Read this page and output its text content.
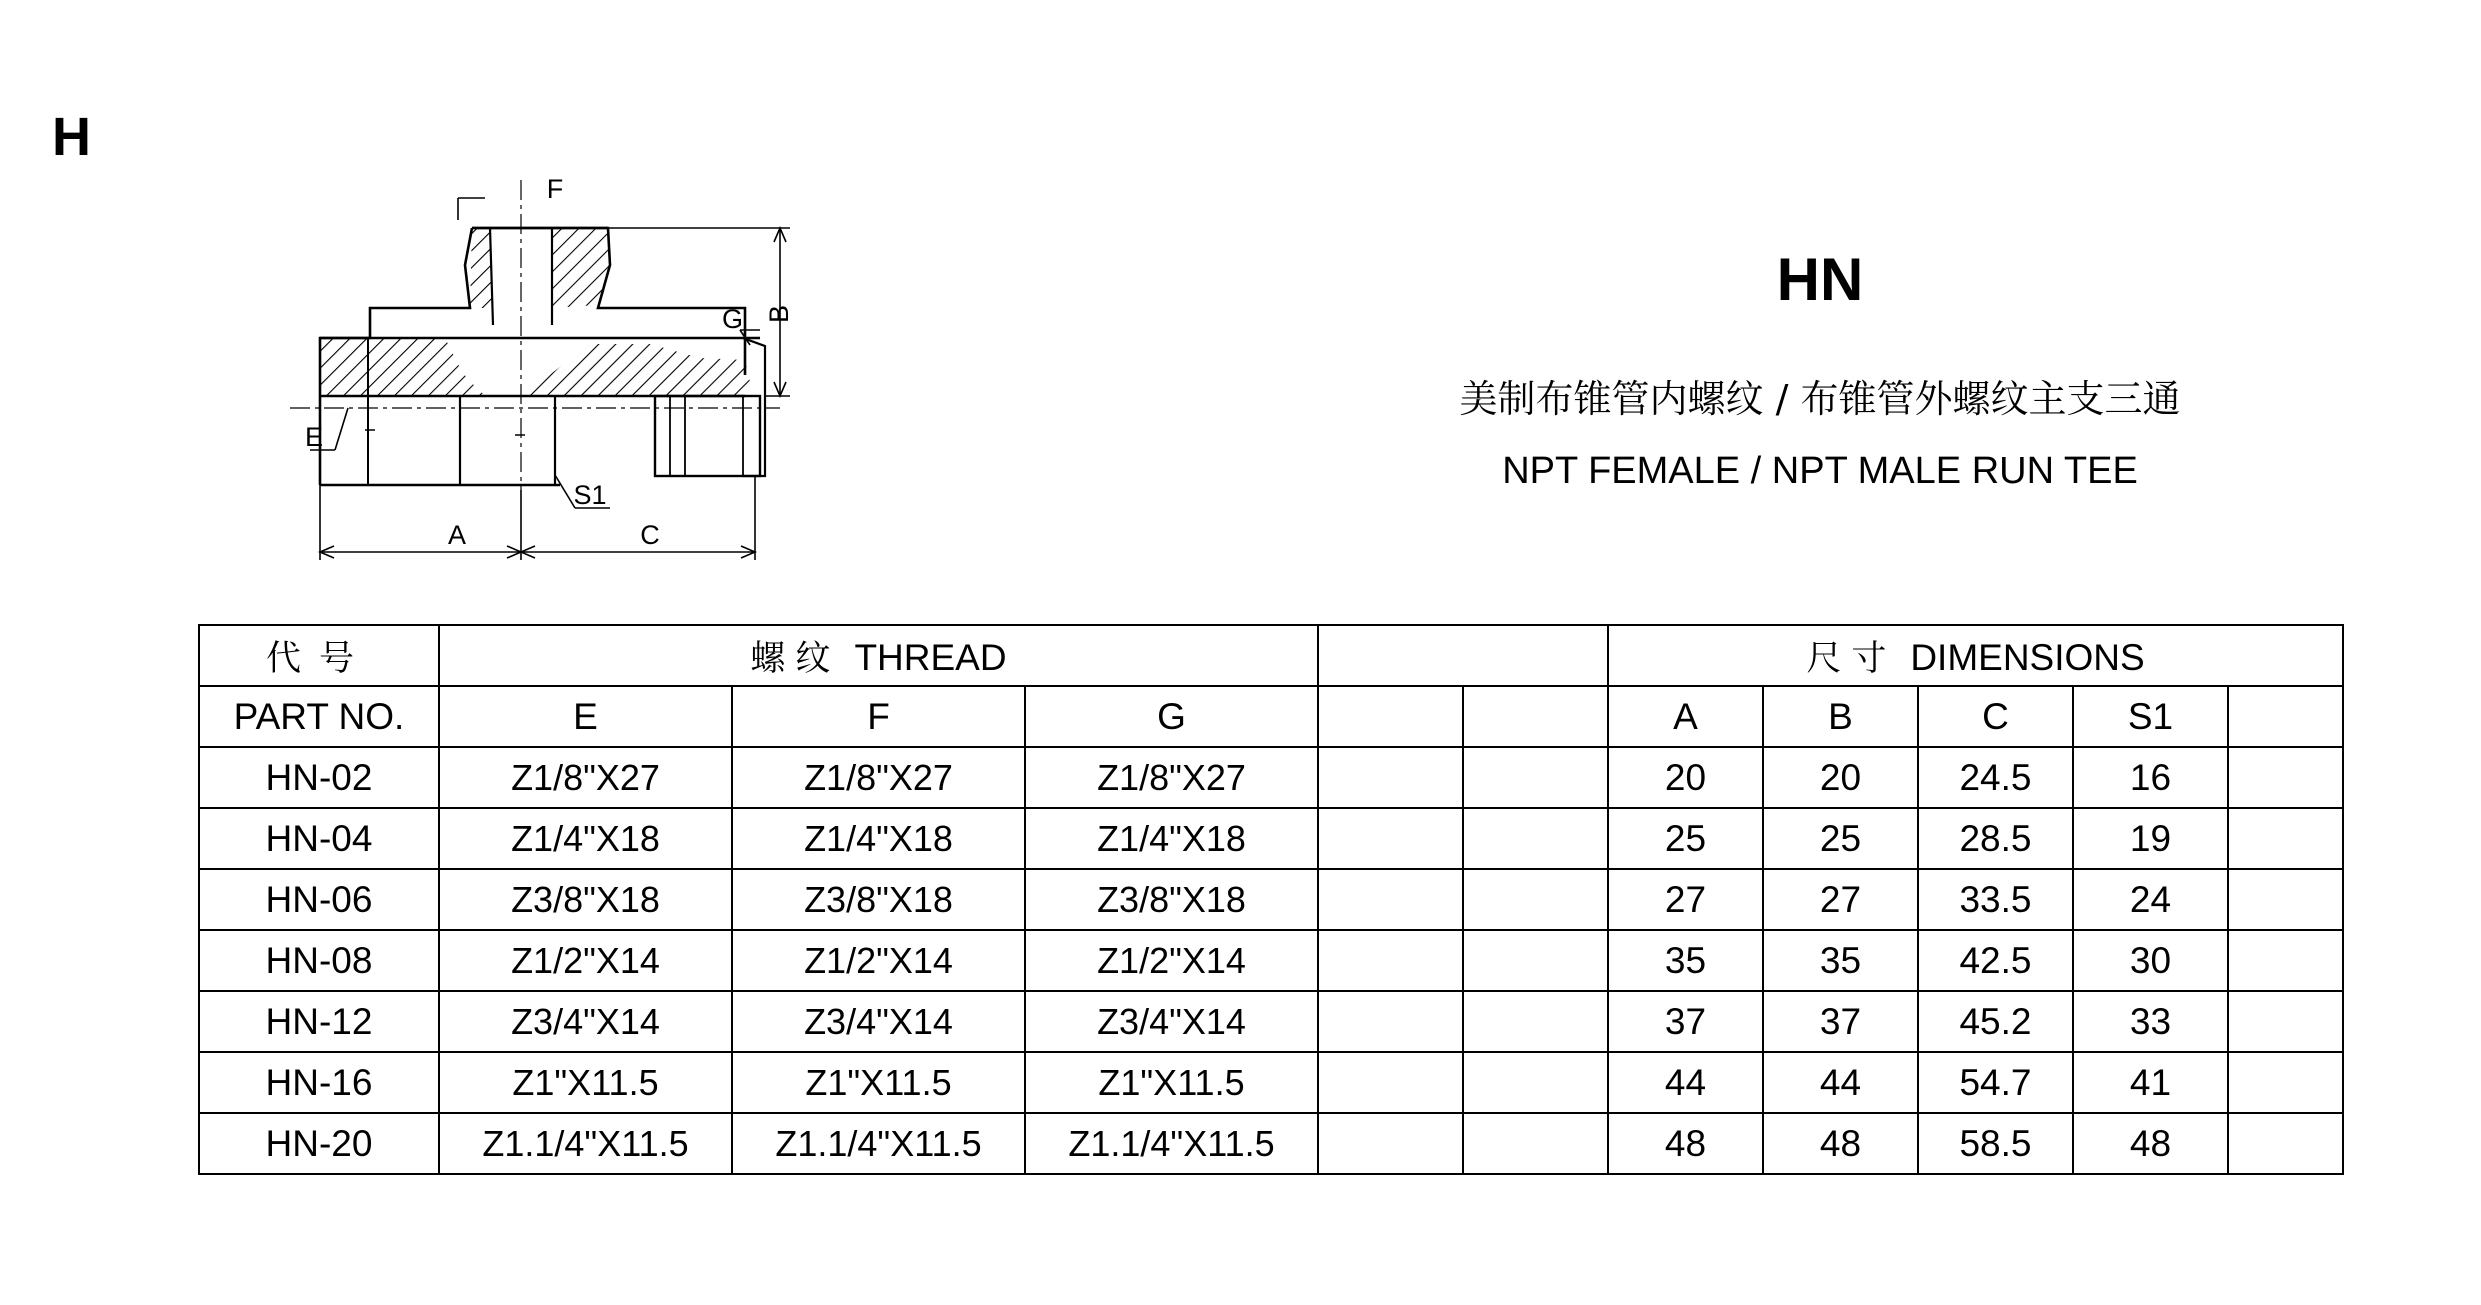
H
F
G B
E
S1
A	C
HN
美制布锥管内螺纹 / 布锥管外螺纹主支三通
NPT FEMALE / NPT MALE RUN TEE
代号	螺纹 THREAD					尺寸 DIMENSIONS				
PART NO.	E	F	G			A	B	C	S1	
HN-02	Z1/8"X27	Z1/8"X27	Z1/8"X27			20	20	24.5	16	
HN-04	Z1/4"X18	Z1/4"X18	Z1/4"X18			25	25	28.5	19	
HN-06	Z3/8"X18	Z3/8"X18	Z3/8"X18			27	27	33.5	24	
HN-08	Z1/2"X14	Z1/2"X14	Z1/2"X14			35	35	42.5	30	
HN-12	Z3/4"X14	Z3/4"X14	Z3/4"X14			37	37	45.2	33	
HN-16	Z1"X11.5	Z1"X11.5	Z1"X11.5			44	44	54.7	41	
HN-20	Z1.1/4"X11.5	Z1.1/4"X11.5	Z1.1/4"X11.5			48	48	58.5	48	
